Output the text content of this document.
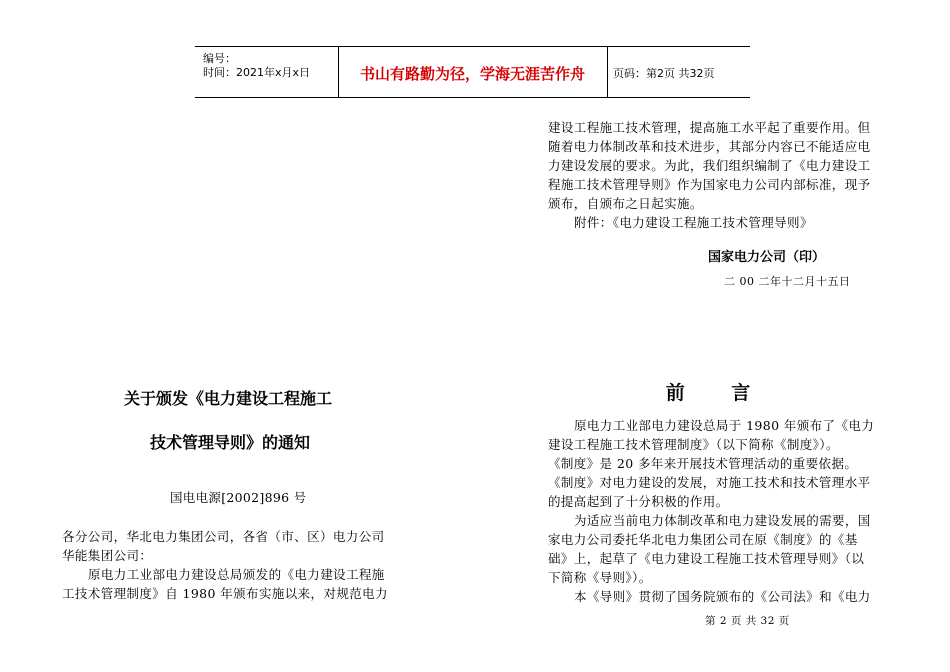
编号：
时间：2021年x月x日	书山有路勤为径，学海无涯苦作舟	页码：第2页 共32页
建设工程施工技术管理，提高施工水平起了重要作用。但
随着电力体制改革和技术进步，其部分内容已不能适应电
力建设发展的要求。为此，我们组织编制了《电力建设工
程施工技术管理导则》作为国家电力公司内部标准，现予
颁布，自颁布之日起实施。
附件：《电力建设工程施工技术管理导则》
国家电力公司（印）
二 00 二年十二月十五日
前 言
原电力工业部电力建设总局于 1980 年颁布了《电力
建设工程施工技术管理制度》（以下简称《制度》）。
《制度》是 20 多年来开展技术管理活动的重要依据。
《制度》对电力建设的发展，对施工技术和技术管理水平
的提高起到了十分积极的作用。
为适应当前电力体制改革和电力建设发展的需要，国
家电力公司委托华北电力集团公司在原《制度》的《基
础》上，起草了《电力建设工程施工技术管理导则》（以
下简称《导则》）。
本《导则》贯彻了国务院颁布的《公司法》和《电力
第 2 页 共 32 页
关于颁发《电力建设工程施工
技术管理导则》的通知
国电电源[2002]896 号
各分公司，华北电力集团公司，各省（市、区）电力公司
华能集团公司：
原电力工业部电力建设总局颁发的《电力建设工程施
工技术管理制度》自 1980 年颁布实施以来，对规范电力
